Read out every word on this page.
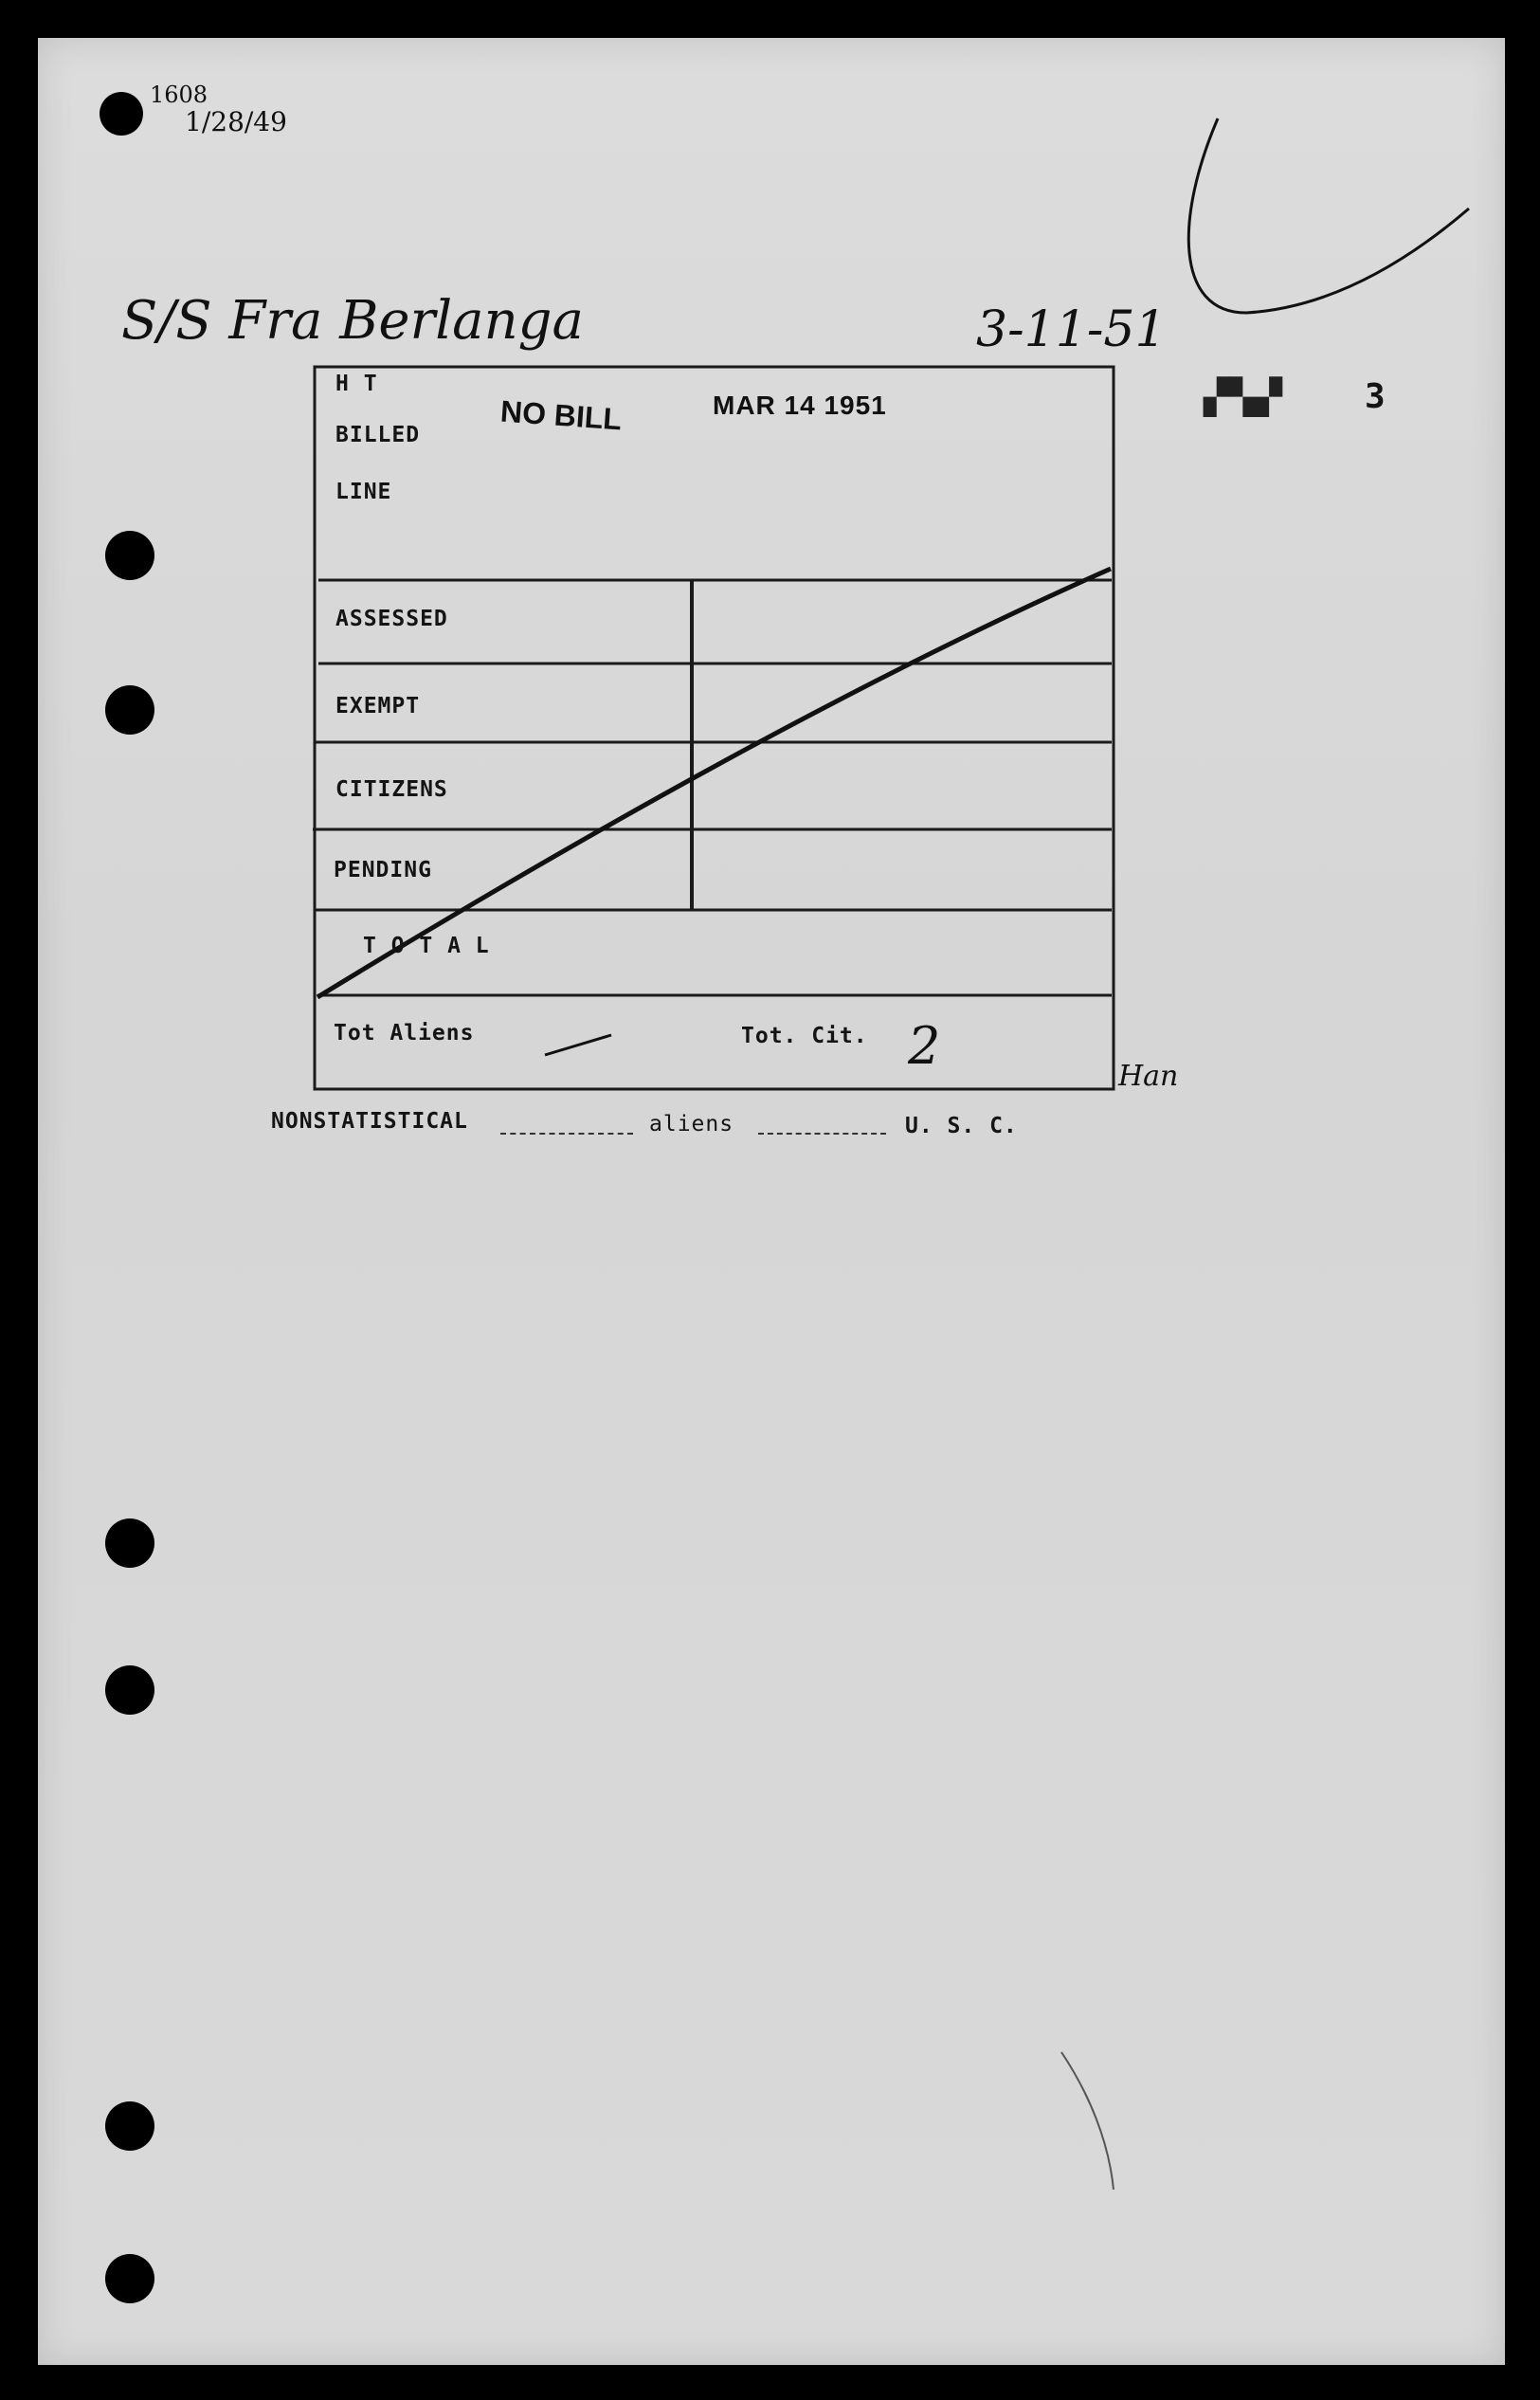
1608
1/28/49
S/S Fra Berlanga	3-11-51
3
▞▚▞
NO BILL	MAR 14 1951
H T
BILLED
LINE
ASSESSED
EXEMPT
CITIZENS
PENDING
T O T A L
Tot Aliens	Tot. Cit. 2
Han
NONSTATISTICAL	aliens	U. S. C.
